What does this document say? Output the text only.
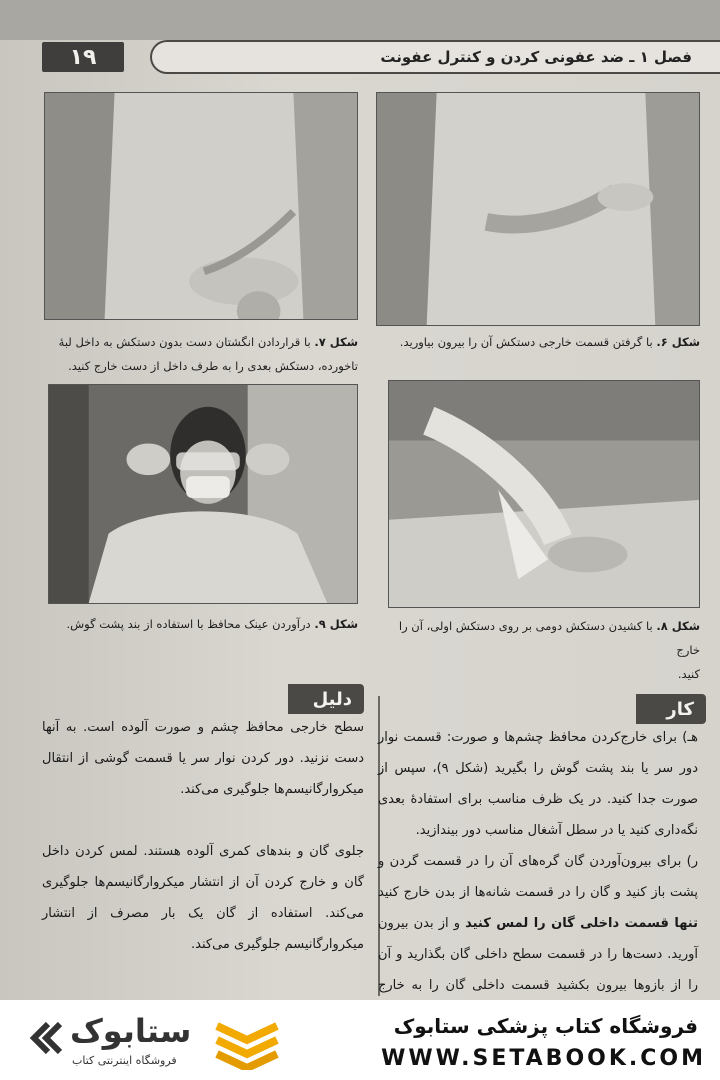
فصل ۱ ـ ضد عفونی کردن و کنترل عفونت
۱۹
شکل ۶. با گرفتن قسمت خارجی دستکش آن را بیرون بیاورید.
شکل ۷. با قراردادن انگشتان دست بدون دستکش به داخل لبهٔ
تاخورده، دستکش بعدی را به طرف داخل از دست خارج کنید.
شکل ۹. درآوردن عینک محافظ با استفاده از بند پشت گوش.	شکل ۸. با کشیدن دستکش دومی بر روی دستکش اولی، آن را خارج
کنید.
کار
دلیل

هـ) برای خارج‌کردن محافظ چشم‌ها و صورت: قسمت نوار دور سر یا بند پشت گوش را بگیرید (شکل ۹)، سپس از صورت جدا کنید. در یک ظرف مناسب برای استفادهٔ بعدی نگه‌داری کنید یا در سطل آشغال مناسب دور بیندازید.

ر) برای بیرون‌آوردن گان گره‌های آن را در قسمت گردن و پشت باز کنید و گان را در قسمت شانه‌ها از بدن خارج کنید تنها قسمت داخلی گان را لمس کنید و از بدن بیرون آورید. دست‌ها را در قسمت سطح داخلی گان بگذارید و آن را از بازوها بیرون بکشید قسمت داخلی گان را به خارج

سطح خارجی محافظ چشم و صورت آلوده است. به آنها دست نزنید. دور کردن نوار سر یا قسمت گوشی از انتقال میکروارگانیسم‌ها جلوگیری می‌کند.

جلوی گان و بندهای کمری آلوده هستند. لمس کردن داخل گان و خارج کردن آن از انتشار میکروارگانیسم‌ها جلوگیری می‌کند. استفاده از گان یک بار مصرف از انتشار میکروارگانیسم جلوگیری می‌کند.

ستابوک
فروشگاه اینترنتی کتاب
فروشگاه کتاب پزشکی ستابوک
WWW.SETABOOK.COM
